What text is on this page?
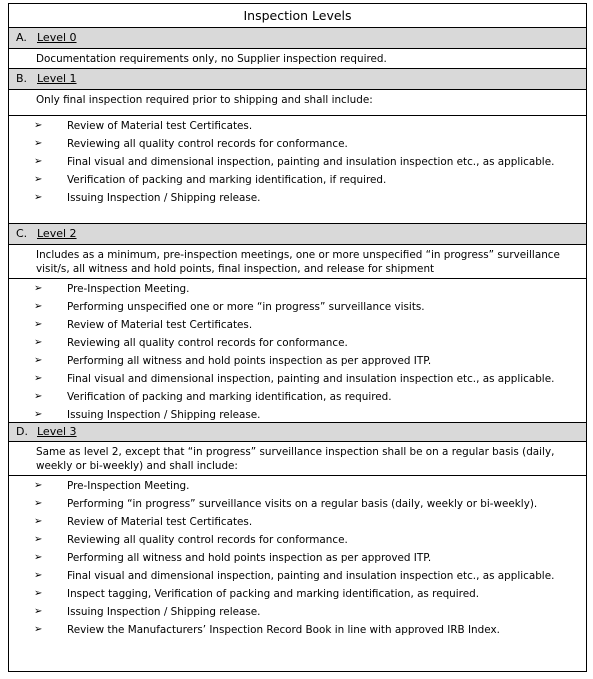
Inspection Levels
A. Level 0
Documentation requirements only, no Supplier inspection required.
B. Level 1
Only final inspection required prior to shipping and shall include:
➢ Review of Material test Certificates.
➢ Reviewing all quality control records for conformance.
➢ Final visual and dimensional inspection, painting and insulation inspection etc., as applicable.
➢ Verification of packing and marking identification, if required.
➢ Issuing Inspection / Shipping release.
C. Level 2
Includes as a minimum, pre-inspection meetings, one or more unspecified “in progress” surveillance
visit/s, all witness and hold points, final inspection, and release for shipment
➢ Pre-Inspection Meeting.
➢ Performing unspecified one or more “in progress” surveillance visits.
➢ Review of Material test Certificates.
➢ Reviewing all quality control records for conformance.
➢ Performing all witness and hold points inspection as per approved ITP.
➢ Final visual and dimensional inspection, painting and insulation inspection etc., as applicable.
➢ Verification of packing and marking identification, as required.
➢ Issuing Inspection / Shipping release.
D. Level 3
Same as level 2, except that “in progress” surveillance inspection shall be on a regular basis (daily,
weekly or bi-weekly) and shall include:
➢ Pre-Inspection Meeting.
➢ Performing “in progress” surveillance visits on a regular basis (daily, weekly or bi-weekly).
➢ Review of Material test Certificates.
➢ Reviewing all quality control records for conformance.
➢ Performing all witness and hold points inspection as per approved ITP.
➢ Final visual and dimensional inspection, painting and insulation inspection etc., as applicable.
➢ Inspect tagging, Verification of packing and marking identification, as required.
➢ Issuing Inspection / Shipping release.
➢ Review the Manufacturers’ Inspection Record Book in line with approved IRB Index.
